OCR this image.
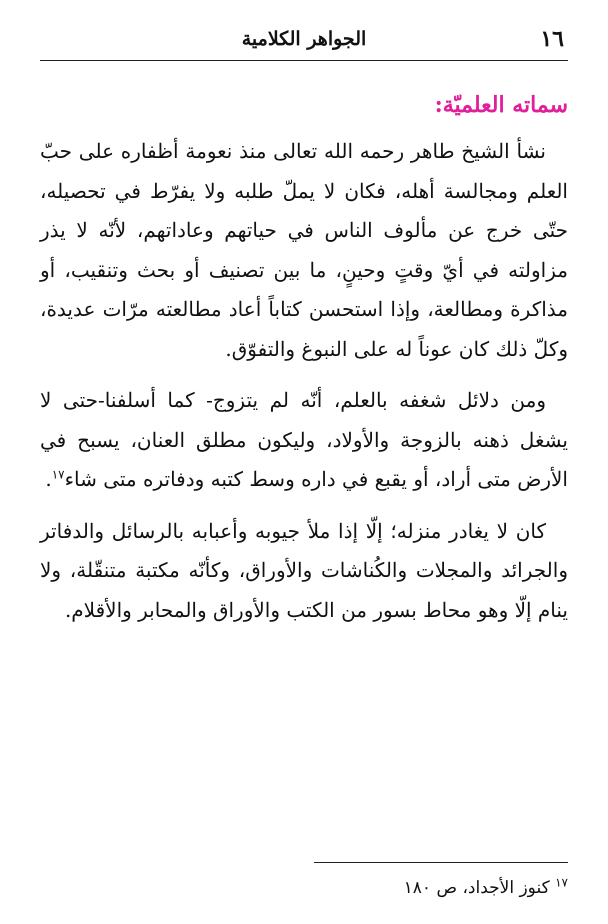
١٦
الجواهر الكلامية
سماته العلميّة:

نشأ الشيخ طاهر رحمه الله تعالى منذ نعومة أظفاره على حبّ العلم ومجالسة أهله، فكان لا يملّ طلبه ولا يفرّط في تحصيله، حتّى خرج عن مألوف الناس في حياتهم وعاداتهم، لأنّه لا يذر مزاولته في أيّ وقتٍ وحينٍ، ما بين تصنيف أو بحث وتنقيب، أو مذاكرة ومطالعة، وإذا استحسن كتاباً أعاد مطالعته مرّات عديدة، وكلّ ذلك كان عوناً له على النبوغ والتفوّق.

ومن دلائل شغفه بالعلم، أنّه لم يتزوج- كما أسلفنا-حتى لا يشغل ذهنه بالزوجة والأولاد، وليكون مطلق العنان، يسبح في الأرض متى أراد، أو يقبع في داره وسط كتبه ودفاتره متى شاء$^{١٧}$.

كان لا يغادر منزله؛ إلّا إذا ملأ جيوبه وأعبابه بالرسائل والدفاتر والجرائد والمجلات والكُناشات والأوراق، وكأنّه مكتبة متنقّلة، ولا ينام إلّا وهو محاط بسور من الكتب والأوراق والمحابر والأقلام.

$^{١٧}$ كنوز الأجداد، ص ١٨٠
